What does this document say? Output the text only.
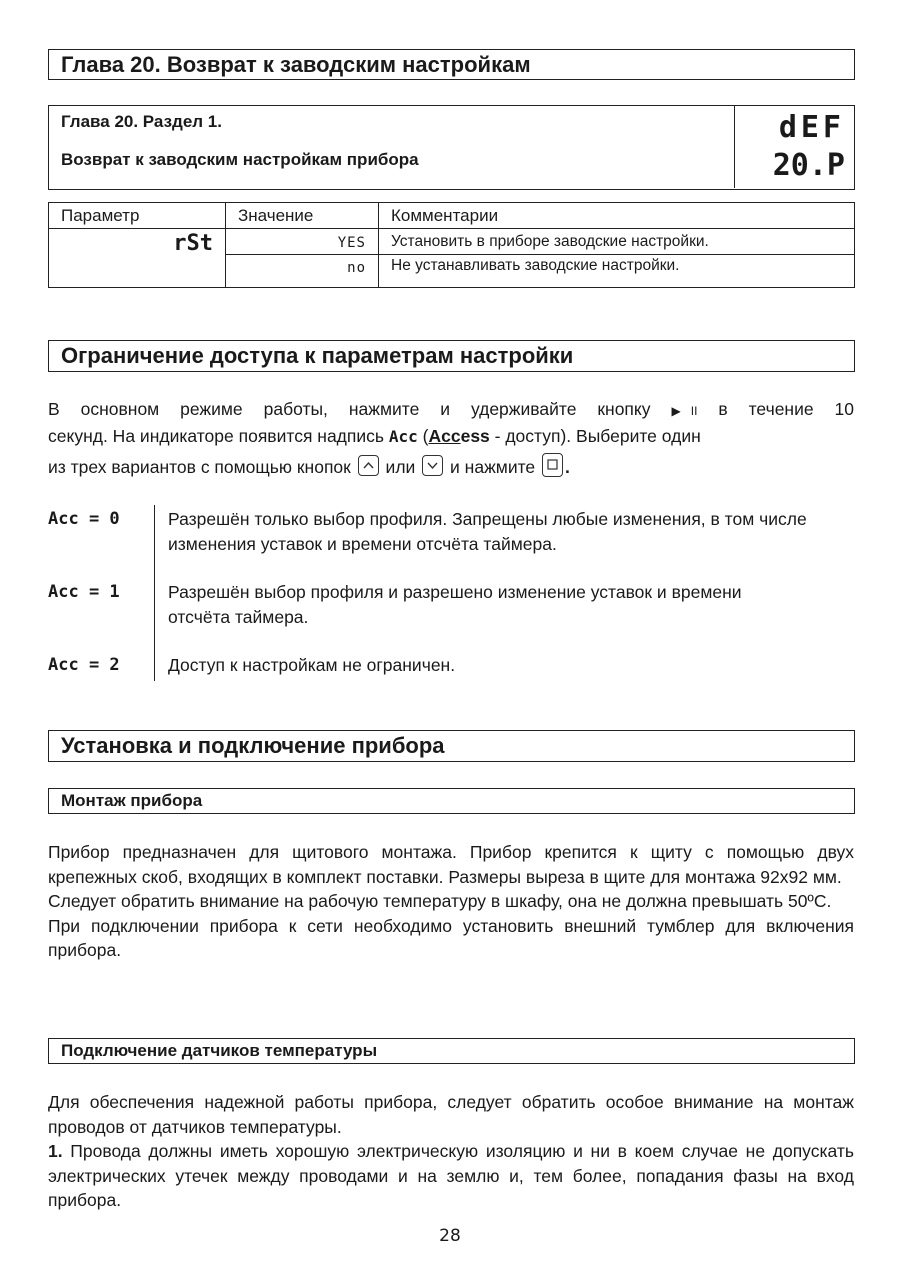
Глава 20. Возврат к заводским настройкам
Глава 20. Раздел 1.
Возврат к заводским настройкам прибора
dEF
20.P
Параметр	Значение	Комментарии
rSt	YES	Установить в приборе заводские настройки.
	no	Не устанавливать заводские настройки.
Ограничение доступа к параметрам настройки

В основном режиме работы, нажмите и удерживайте кнопку ▶II в течение 10

секунд. На индикаторе появится надпись Acc (Access - доступ). Выберите один

из трех вариантов с помощью кнопок
или
и нажмите
.

Acc = 0	Разрешён только выбор профиля. Запрещены любые изменения, в том числе изменения уставок и времени отсчёта таймера.
Acc = 1	Разрешён выбор профиля и разрешено изменение уставок и времени отсчёта таймера.
Acc = 2	Доступ к настройкам не ограничен.
Установка и подключение прибора
Монтаж прибора

Прибор предназначен для щитового монтажа. Прибор крепится к щиту с помощью двух крепежных скоб, входящих в комплект поставки. Размеры выреза в щите для монтажа 92х92 мм.

Следует обратить внимание на рабочую температуру в шкафу, она не должна превышать 50ºС.

При подключении прибора к сети необходимо установить внешний тумблер для включения прибора.

Подключение датчиков температуры

Для обеспечения надежной работы прибора, следует обратить особое внимание на монтаж проводов от датчиков температуры.

1. Провода должны иметь хорошую электрическую изоляцию и ни в коем случае не допускать электрических утечек между проводами и на землю и, тем более, попадания фазы на вход прибора.

28
